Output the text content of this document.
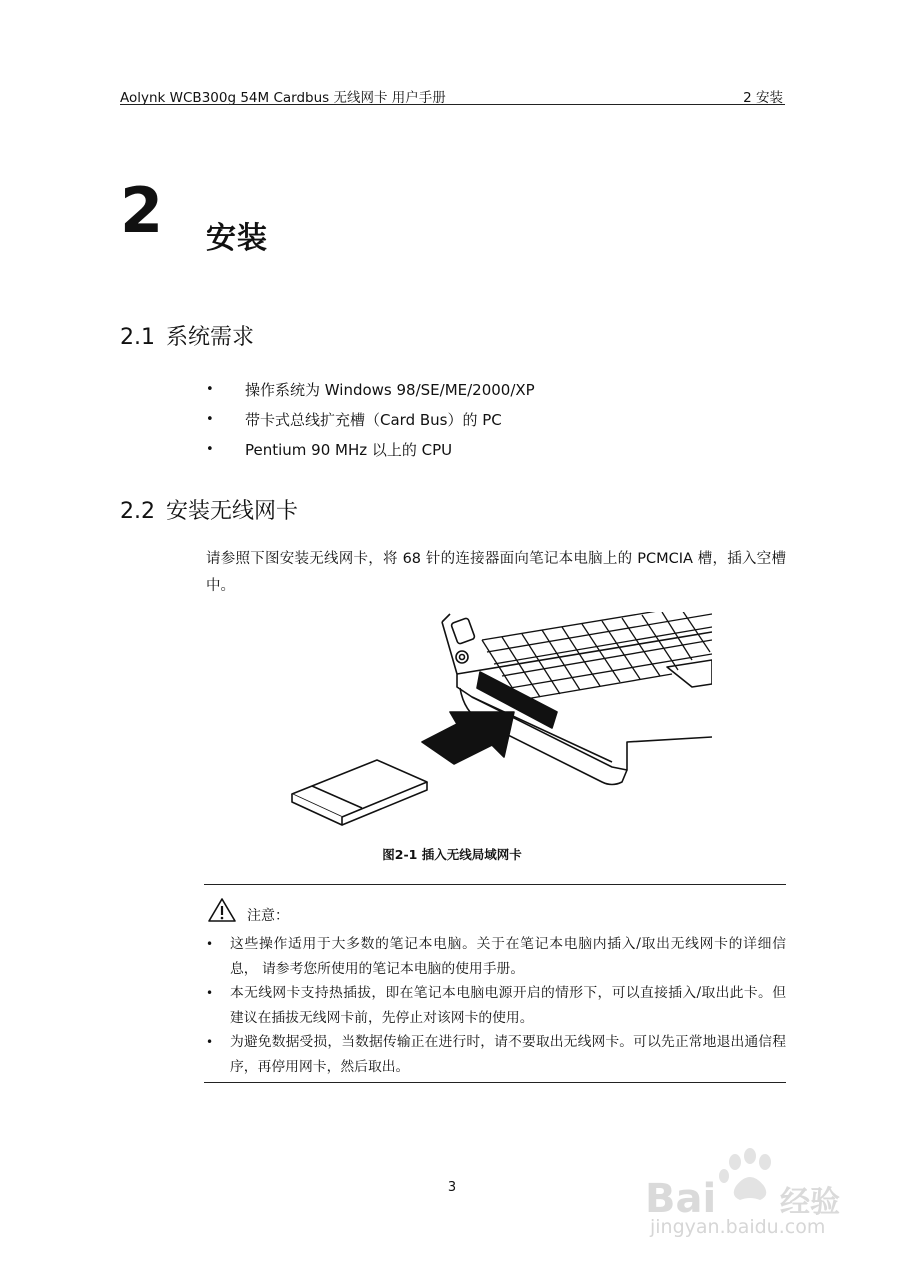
Aolynk WCB300g 54M Cardbus 无线网卡 用户手册	2 安装
2 安装
2.1 系统需求
• 操作系统为 Windows 98/SE/ME/2000/XP
• 带卡式总线扩充槽（Card Bus）的 PC
• Pentium 90 MHz 以上的 CPU
2.2 安装无线网卡

请参照下图安装无线网卡，将 68 针的连接器面向笔记本电脑上的 PCMCIA 槽，插入空槽中。

图2-1 插入无线局域网卡
注意：
• 这些操作适用于大多数的笔记本电脑。关于在笔记本电脑内插入/取出无线网卡的详细信息， 请参考您所使用的笔记本电脑的使用手册。
• 本无线网卡支持热插拔，即在笔记本电脑电源开启的情形下，可以直接插入/取出此卡。但建议在插拔无线网卡前，先停止对该网卡的使用。
• 为避免数据受损，当数据传输正在进行时，请不要取出无线网卡。可以先正常地退出通信程序，再停用网卡，然后取出。
3	Bai 经验
jingyan.baidu.com
